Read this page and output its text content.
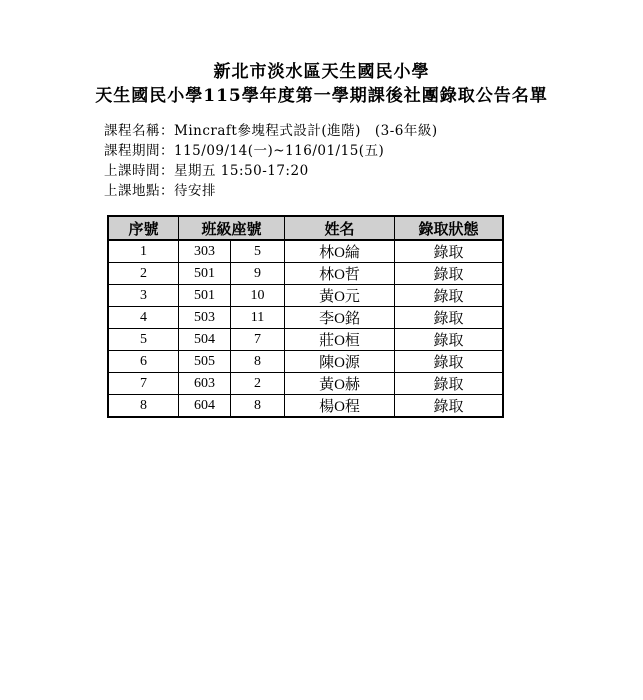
新北市淡水區天生國民小學
天生國民小學115學年度第一學期課後社團錄取公告名單
課程名稱：Mincraft參塊程式設計(進階)　(3-6年級)
課程期間：115/09/14(一)~116/01/15(五)
上課時間：星期五 15:50-17:20
上課地點：待安排
序號	班級座號		姓名	錄取狀態
1	303	5	林O綸	錄取
2	501	9	林O哲	錄取
3	501	10	黃O元	錄取
4	503	11	李O銘	錄取
5	504	7	莊O桓	錄取
6	505	8	陳O源	錄取
7	603	2	黃O赫	錄取
8	604	8	楊O程	錄取
